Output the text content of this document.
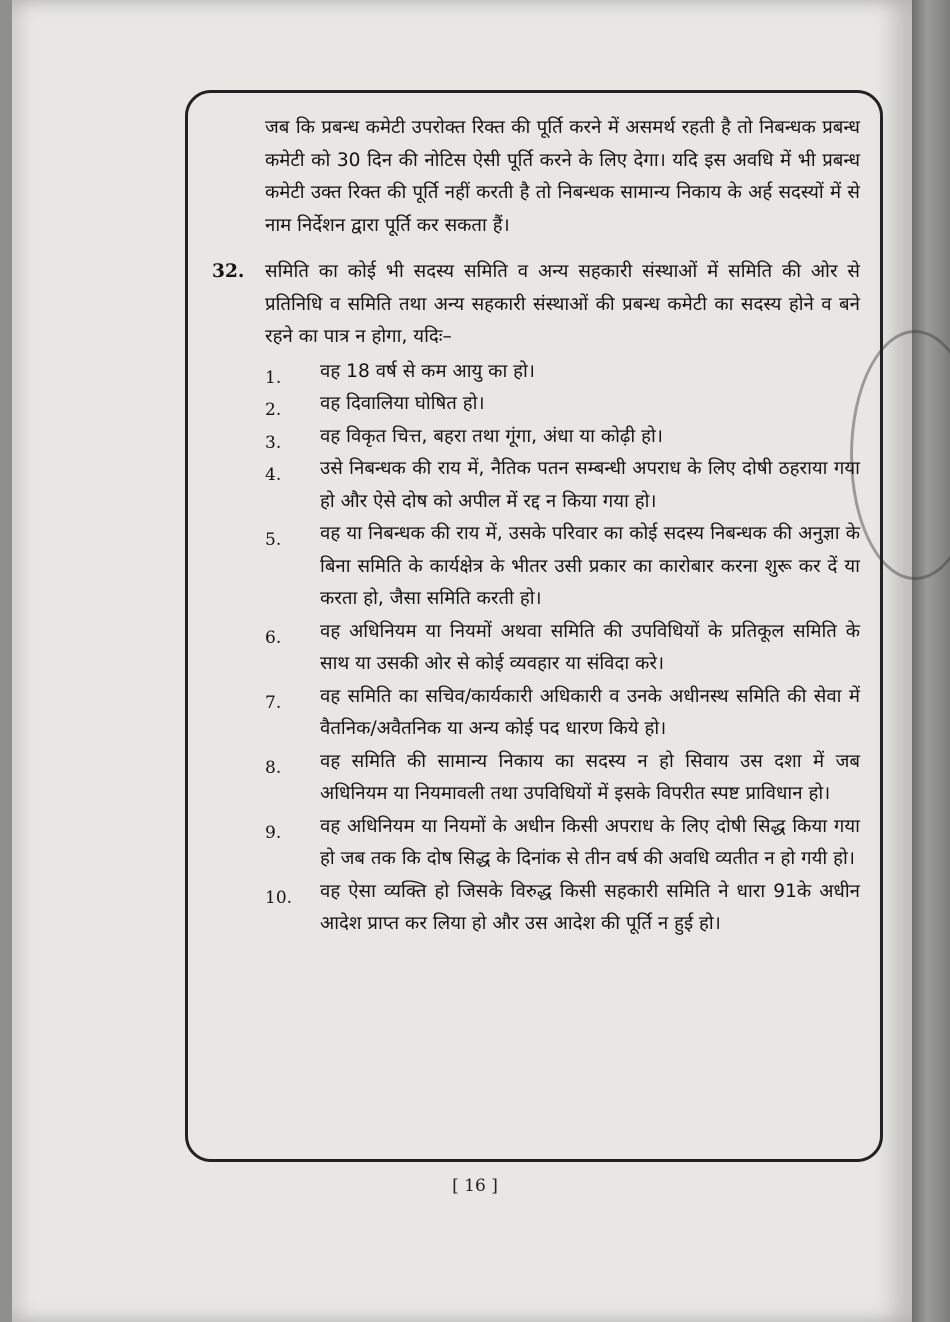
जब कि प्रबन्ध कमेटी उपरोक्त रिक्त की पूर्ति करने में असमर्थ रहती है तो निबन्धक प्रबन्ध कमेटी को 30 दिन की नोटिस ऐसी पूर्ति करने के लिए देगा। यदि इस अवधि में भी प्रबन्ध कमेटी उक्त रिक्त की पूर्ति नहीं करती है तो निबन्धक सामान्य निकाय के अर्ह सदस्यों में से नाम निर्देशन द्वारा पूर्ति कर सकता हैं।

32. समिति का कोई भी सदस्य समिति व अन्य सहकारी संस्थाओं में समिति की ओर से प्रतिनिधि व समिति तथा अन्य सहकारी संस्थाओं की प्रबन्ध कमेटी का सदस्य होने व बने रहने का पात्र न होगा, यदिः–
1. वह 18 वर्ष से कम आयु का हो।
2. वह दिवालिया घोषित हो।
3. वह विकृत चित्त, बहरा तथा गूंगा, अंधा या कोढ़ी हो।
4. उसे निबन्धक की राय में, नैतिक पतन सम्बन्धी अपराध के लिए दोषी ठहराया गया हो और ऐसे दोष को अपील में रद्द न किया गया हो।
5. वह या निबन्धक की राय में, उसके परिवार का कोई सदस्य निबन्धक की अनुज्ञा के बिना समिति के कार्यक्षेत्र के भीतर उसी प्रकार का कारोबार करना शुरू कर दें या करता हो, जैसा समिति करती हो।
6. वह अधिनियम या नियमों अथवा समिति की उपविधियों के प्रतिकूल समिति के साथ या उसकी ओर से कोई व्यवहार या संविदा करे।
7. वह समिति का सचिव/कार्यकारी अधिकारी व उनके अधीनस्थ समिति की सेवा में वैतनिक/अवैतनिक या अन्य कोई पद धारण किये हो।
8. वह समिति की सामान्य निकाय का सदस्य न हो सिवाय उस दशा में जब अधिनियम या नियमावली तथा उपविधियों में इसके विपरीत स्पष्ट प्राविधान हो।
9. वह अधिनियम या नियमों के अधीन किसी अपराध के लिए दोषी सिद्ध किया गया हो जब तक कि दोष सिद्ध के दिनांक से तीन वर्ष की अवधि व्यतीत न हो गयी हो।
10. वह ऐसा व्यक्ति हो जिसके विरुद्ध किसी सहकारी समिति ने धारा 91के अधीन आदेश प्राप्त कर लिया हो और उस आदेश की पूर्ति न हुई हो।
[ 16 ]
